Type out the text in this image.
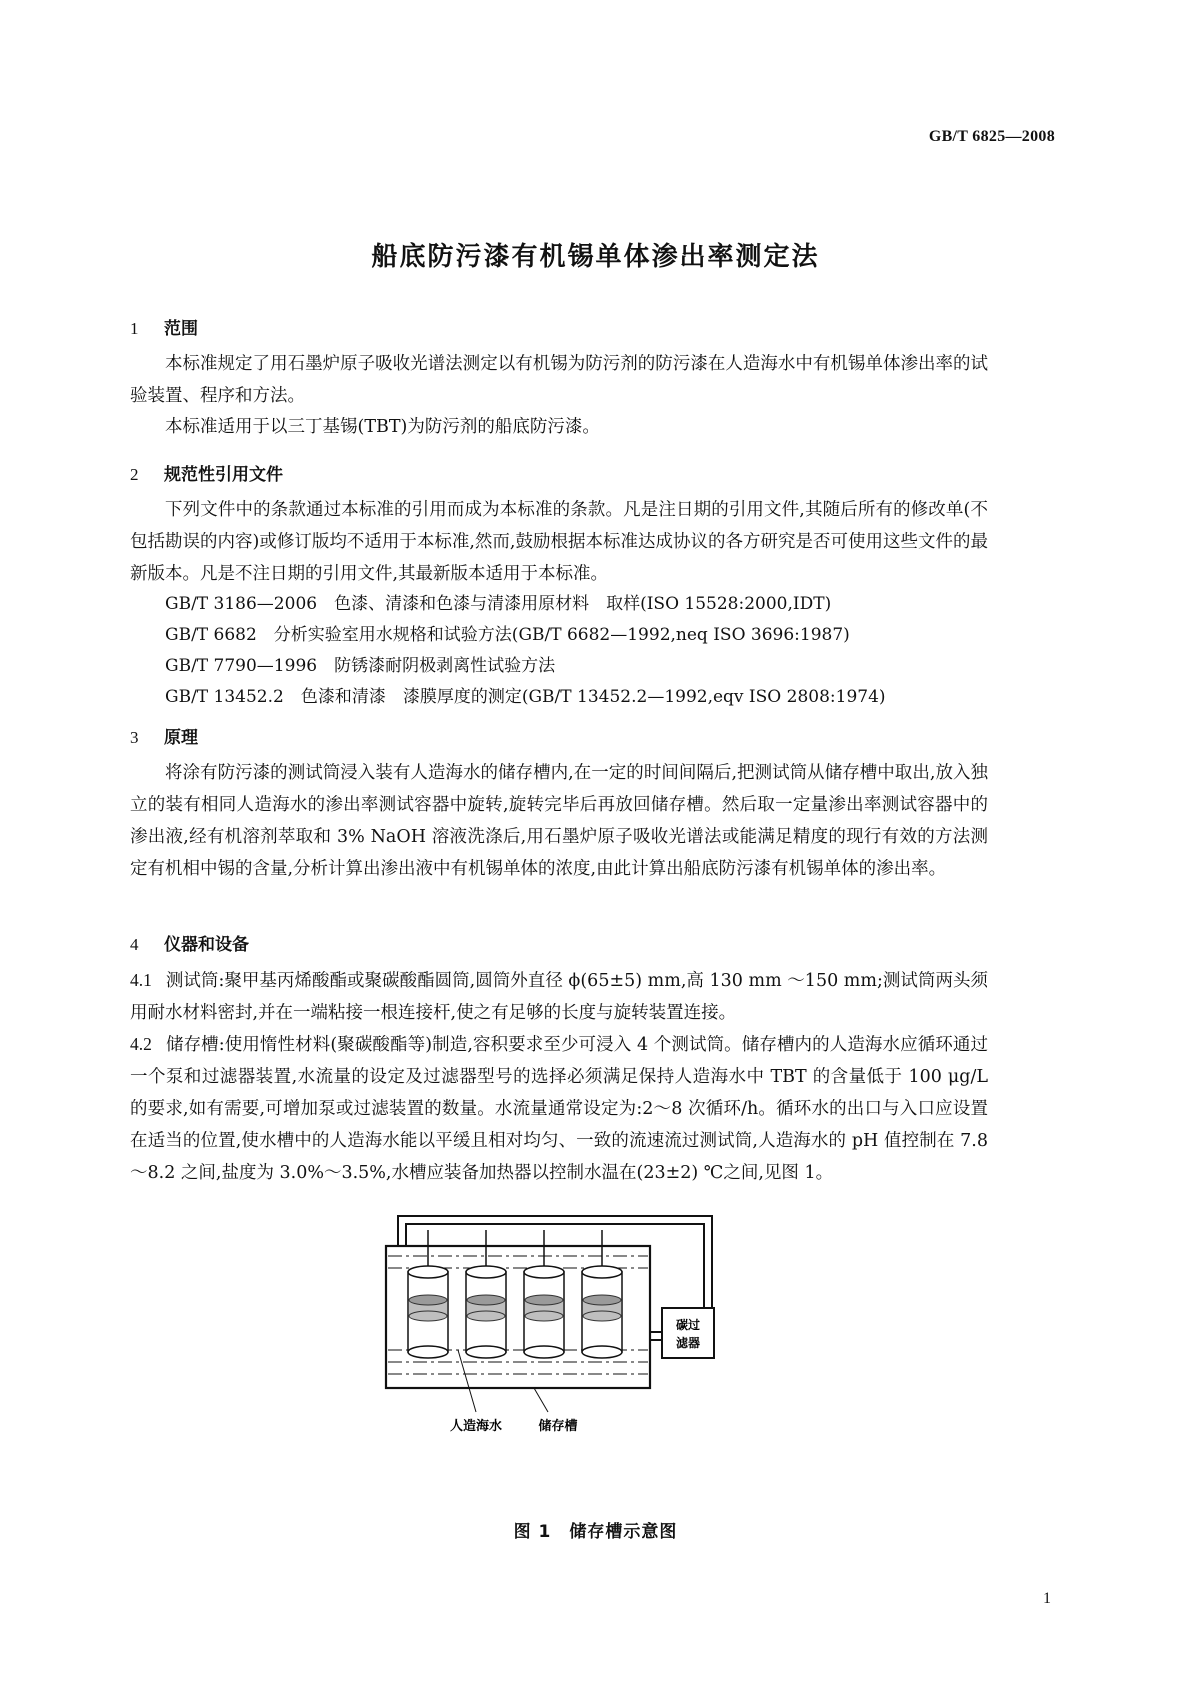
GB/T 6825—2008
船底防污漆有机锡单体渗出率测定法
1 范围
本标准规定了用石墨炉原子吸收光谱法测定以有机锡为防污剂的防污漆在人造海水中有机锡单体渗出率的试验装置、程序和方法。
本标准适用于以三丁基锡(TBT)为防污剂的船底防污漆。
2 规范性引用文件
下列文件中的条款通过本标准的引用而成为本标准的条款。凡是注日期的引用文件,其随后所有的修改单(不包括勘误的内容)或修订版均不适用于本标准,然而,鼓励根据本标准达成协议的各方研究是否可使用这些文件的最新版本。凡是不注日期的引用文件,其最新版本适用于本标准。
GB/T 3186—2006　色漆、清漆和色漆与清漆用原材料　取样(ISO 15528:2000,IDT)
GB/T 6682　分析实验室用水规格和试验方法(GB/T 6682—1992,neq ISO 3696:1987)
GB/T 7790—1996　防锈漆耐阴极剥离性试验方法
GB/T 13452.2　色漆和清漆　漆膜厚度的测定(GB/T 13452.2—1992,eqv ISO 2808:1974)
3 原理
将涂有防污漆的测试筒浸入装有人造海水的储存槽内,在一定的时间间隔后,把测试筒从储存槽中取出,放入独立的装有相同人造海水的渗出率测试容器中旋转,旋转完毕后再放回储存槽。然后取一定量渗出率测试容器中的渗出液,经有机溶剂萃取和 3% NaOH 溶液洗涤后,用石墨炉原子吸收光谱法或能满足精度的现行有效的方法测定有机相中锡的含量,分析计算出渗出液中有机锡单体的浓度,由此计算出船底防污漆有机锡单体的渗出率。
4 仪器和设备
4.1 测试筒:聚甲基丙烯酸酯或聚碳酸酯圆筒,圆筒外直径 ϕ(65±5) mm,高 130 mm ～150 mm;测试筒两头须用耐水材料密封,并在一端粘接一根连接杆,使之有足够的长度与旋转装置连接。
4.2 储存槽:使用惰性材料(聚碳酸酯等)制造,容积要求至少可浸入 4 个测试筒。储存槽内的人造海水应循环通过一个泵和过滤器装置,水流量的设定及过滤器型号的选择必须满足保持人造海水中 TBT 的含量低于 100 μg/L 的要求,如有需要,可增加泵或过滤装置的数量。水流量通常设定为:2～8 次循环/h。循环水的出口与入口应设置在适当的位置,使水槽中的人造海水能以平缓且相对均匀、一致的流速流过测试筒,人造海水的 pH 值控制在 7.8～8.2 之间,盐度为 3.0%～3.5%,水槽应装备加热器以控制水温在(23±2) ℃之间,见图 1。
碳过
滤器
人造海水	储存槽
图 1　储存槽示意图
1
